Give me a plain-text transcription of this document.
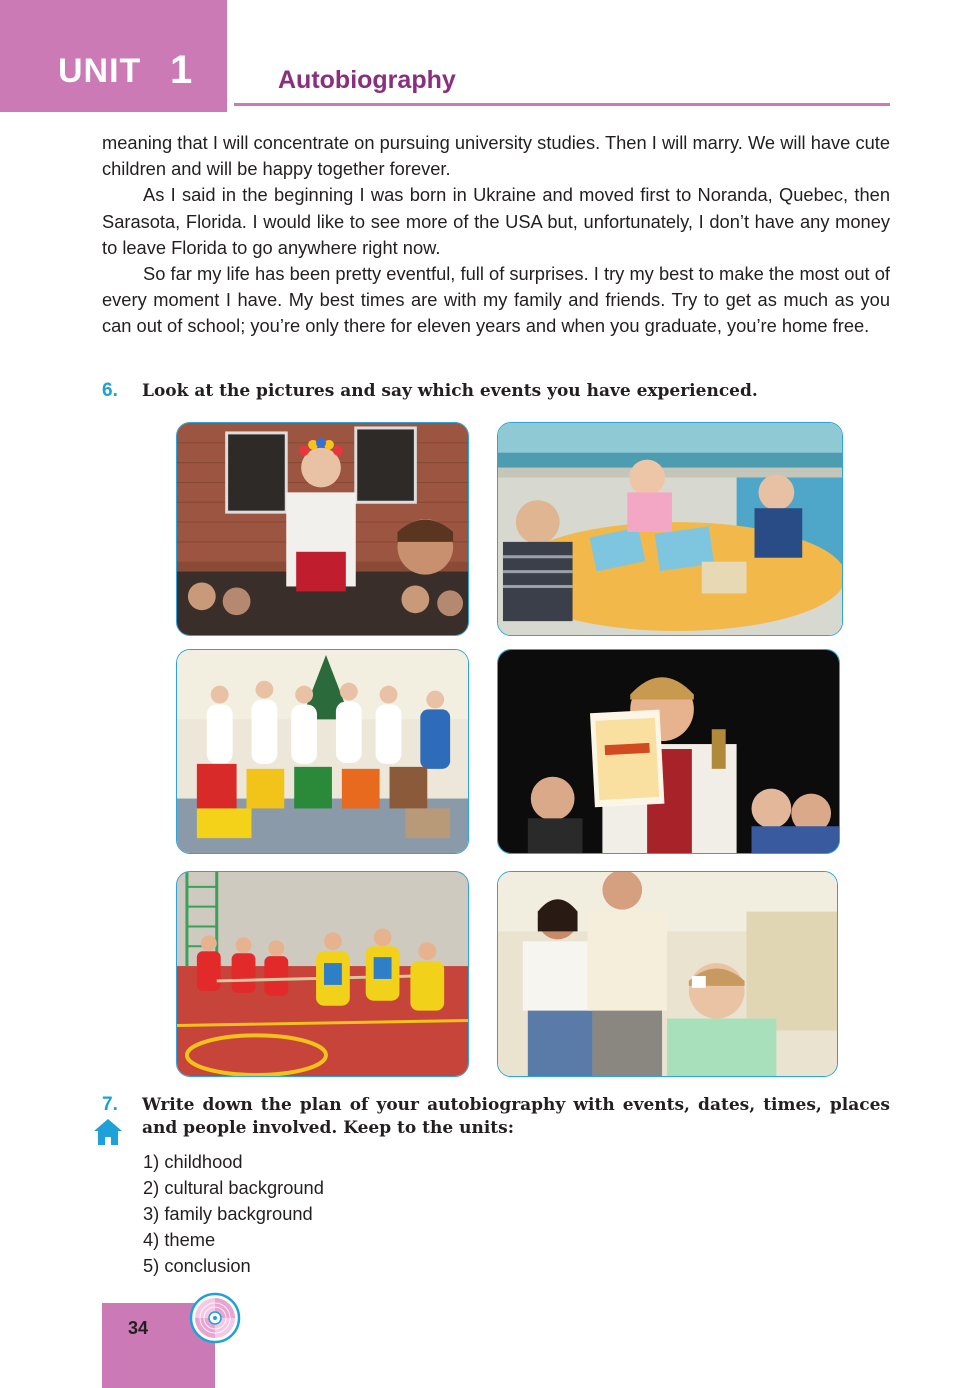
UNIT 1	Autobiography

meaning that I will concentrate on pursuing university studies. Then I will marry. We will have cute children and will be happy together forever.

As I said in the beginning I was born in Ukraine and moved first to Noranda, Quebec, then Sarasota, Florida. I would like to see more of the USA but, unfortunately, I don’t have any money to leave Florida to go anywhere right now.

So far my life has been pretty eventful, full of surprises. I try my best to make the most out of every moment I have. My best times are with my family and friends. Try to get as much as you can out of school; you’re only there for eleven years and when you graduate, you’re home free.

6. Look at the pictures and say which events you have experienced.
7. Write down the plan of your autobiography with events, dates, times, places and people involved. Keep to the units:
1) childhood
2) cultural background
3) family background
4) theme
5) conclusion
34
